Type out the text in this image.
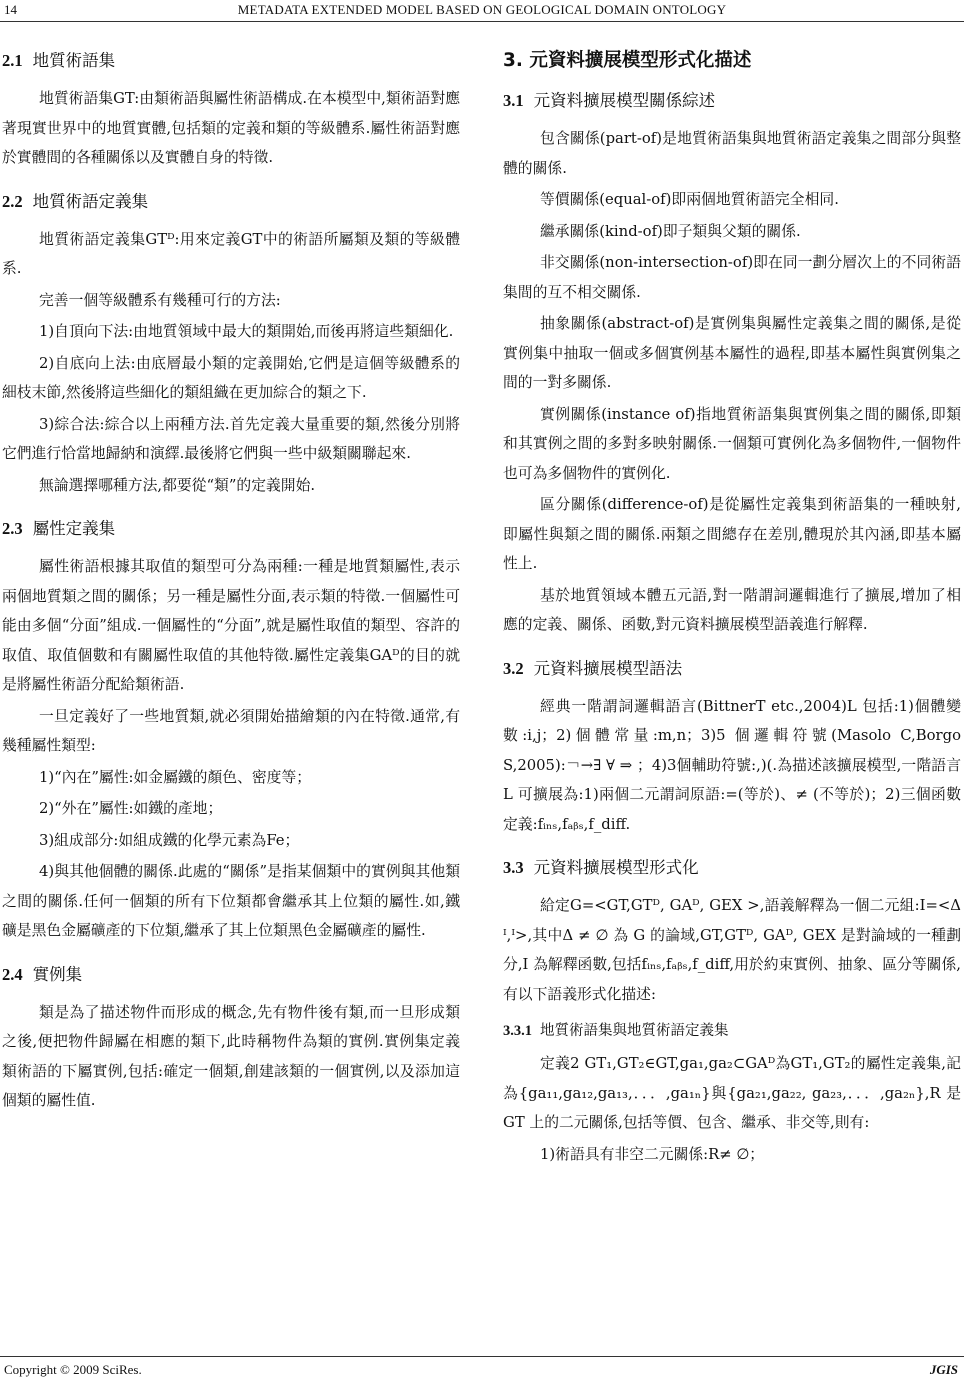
14	METADATA EXTENDED MODEL BASED ON GEOLOGICAL DOMAIN ONTOLOGY
2.1 地質術語集

地質術語集GT:由類術語與屬性術語構成.在本模型中,類術語對應著現實世界中的地質實體,包括類的定義和類的等級體系.屬性術語對應於實體間的各種關係以及實體自身的特徵.

2.2 地質術語定義集

地質術語定義集GTᴰ:用來定義GT中的術語所屬類及類的等級體系.

完善一個等級體系有幾種可行的方法:

1)自頂向下法:由地質領域中最大的類開始,而後再將這些類細化.

2)自底向上法:由底層最小類的定義開始,它們是這個等級體系的細枝末節,然後將這些細化的類組織在更加綜合的類之下.

3)綜合法:綜合以上兩種方法.首先定義大量重要的類,然後分別將它們進行恰當地歸納和演繹.最後將它們與一些中級類關聯起來.

無論選擇哪種方法,都要從“類”的定義開始.

2.3 屬性定義集

屬性術語根據其取值的類型可分為兩種:一種是地質類屬性,表示兩個地質類之間的關係；另一種是屬性分面,表示類的特徵.一個屬性可能由多個“分面”組成.一個屬性的“分面”,就是屬性取值的類型、容許的取值、取值個數和有關屬性取值的其他特徵.屬性定義集GAᴰ的目的就是將屬性術語分配給類術語.

一旦定義好了一些地質類,就必須開始描繪類的內在特徵.通常,有幾種屬性類型:

1)“內在”屬性:如金屬鐵的顏色、密度等；

2)“外在”屬性:如鐵的產地；

3)組成部分:如組成鐵的化學元素為Fe；

4)與其他個體的關係.此處的“關係”是指某個類中的實例與其他類之間的關係.任何一個類的所有下位類都會繼承其上位類的屬性.如,鐵礦是黑色金屬礦產的下位類,繼承了其上位類黑色金屬礦產的屬性.

2.4 實例集

類是為了描述物件而形成的概念,先有物件後有類,而一旦形成類之後,便把物件歸屬在相應的類下,此時稱物件為類的實例.實例集定義類術語的下屬實例,包括:確定一個類,創建該類的一個實例,以及添加這個類的屬性值.

3. 元資料擴展模型形式化描述
3.1 元資料擴展模型關係綜述

包含關係(part-of)是地質術語集與地質術語定義集之間部分與整體的關係.

等價關係(equal-of)即兩個地質術語完全相同.

繼承關係(kind-of)即子類與父類的關係.

非交關係(non-intersection-of)即在同一劃分層次上的不同術語集間的互不相交關係.

抽象關係(abstract-of)是實例集與屬性定義集之間的關係,是從實例集中抽取一個或多個實例基本屬性的過程,即基本屬性與實例集之間的一對多關係.

實例關係(instance of)指地質術語集與實例集之間的關係,即類和其實例之間的多對多映射關係.一個類可實例化為多個物件,一個物件也可為多個物件的實例化.

區分關係(difference-of)是從屬性定義集到術語集的一種映射,即屬性與類之間的關係.兩類之間總存在差別,體現於其內涵,即基本屬性上.

基於地質領域本體五元語,對一階謂詞邏輯進行了擴展,增加了相應的定義、關係、函數,對元資料擴展模型語義進行解釋.

3.2 元資料擴展模型語法

經典一階謂詞邏輯語言(BittnerT etc.,2004)L 包括:1)個體變數:i,j；2)個體常量:m,n；3)5 個邏輯符號(Masolo C,Borgo S,2005):￢→∃ ∀ ⇒ ；4)3個輔助符號:,)(.為描述該擴展模型,一階語言 L 可擴展為:1)兩個二元謂詞原語:=(等於)、≠ (不等於)；2)三個函數定義:fᵢₙₛ,fₐᵦₛ,f_diff.

3.3 元資料擴展模型形式化

給定G=<GT,GTᴰ, GAᴰ, GEX >,語義解釋為一個二元組:I=<Δ ᴵ,ᴵ>,其中Δ ≠ ∅ 為 G 的論域,GT,GTᴰ, GAᴰ, GEX 是對論域的一種劃分,I 為解釋函數,包括fᵢₙₛ,fₐᵦₛ,f_diff,用於約束實例、抽象、區分等關係,有以下語義形式化描述:

3.3.1 地質術語集與地質術語定義集

定義2 GT₁,GT₂∈GT,ga₁,ga₂⊂GAᴰ為GT₁,GT₂的屬性定義集,記為{ga₁₁,ga₁₂,ga₁₃,．．．,ga₁ₙ}與{ga₂₁,ga₂₂, ga₂₃,．．．,ga₂ₙ},R 是 GT 上的二元關係,包括等價、包含、繼承、非交等,則有:

1)術語具有非空二元關係:R≠ ∅；

Copyright © 2009 SciRes.	JGIS
